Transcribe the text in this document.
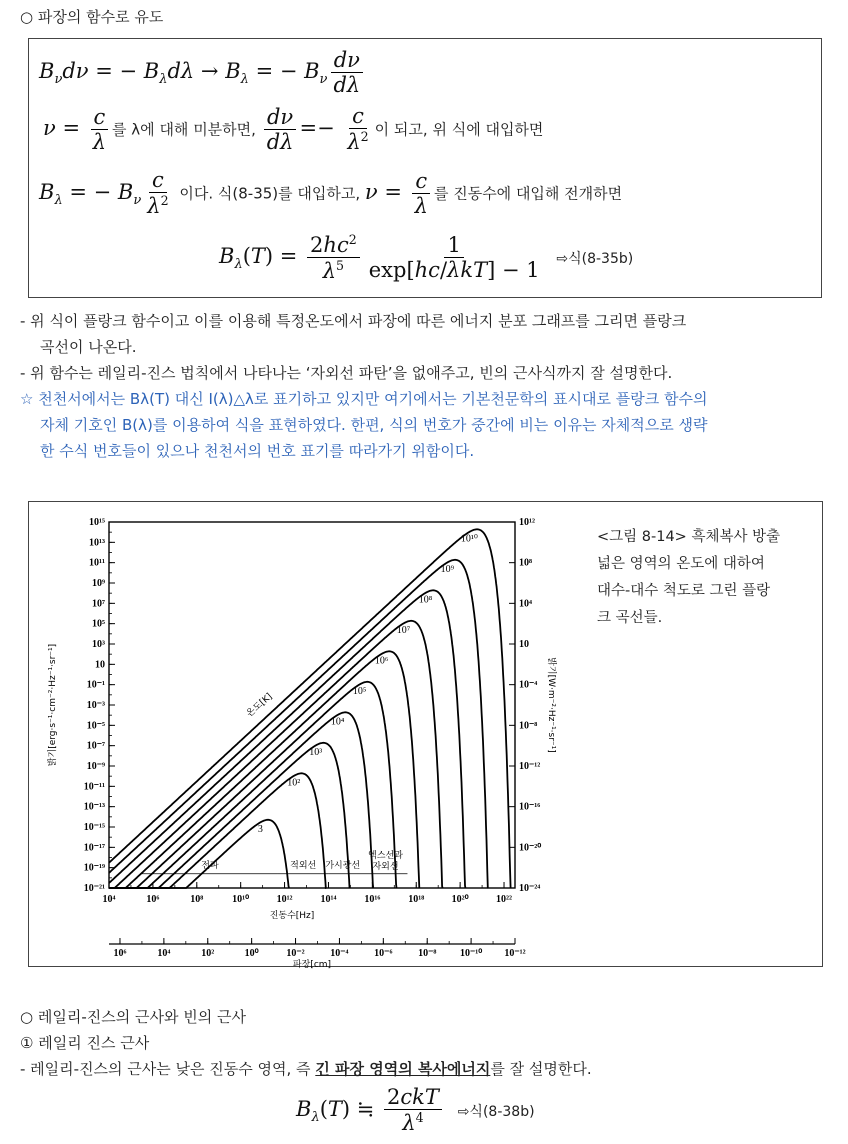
○ 파장의 함수로 유도
$B_\nu d\nu$ = − $B_\lambda d\lambda \to B_\lambda$ = − $B_\nu \frac{d\nu}{d\lambda}$
$\nu = \frac{c}{\lambda}$ 를 λ에 대해 미분하면, $\frac{d\nu}{d\lambda} =- \frac{c}{\lambda^2}$ 이 되고, 위 식에 대입하면
$B_\lambda$ = − $B_\nu \frac{c}{\lambda^2}$ 이다. 식(8-35)를 대입하고, $\nu = \frac{c}{\lambda}$ 를 진동수에 대입해 전개하면
$B_\lambda(T) = \frac{2hc^2}{\lambda^5} \frac{1}{\text{exp[hc/λkT] − 1}}$ ⇨식(8-35b)
- 위 식이 플랑크 함수이고 이를 이용해 특정온도에서 파장에 따른 에너지 분포 그래프를 그리면 플랑크
곡선이 나온다.
- 위 함수는 레일리-진스 법칙에서 나타나는 ‘자외선 파탄’을 없애주고, 빈의 근사식까지 잘 설명한다.
☆ 천천서에서는 Bλ(T) 대신 I(λ)△λ로 표기하고 있지만 여기에서는 기본천문학의 표시대로 플랑크 함수의
자체 기호인 B(λ)를 이용하여 식을 표현하였다. 한편, 식의 번호가 중간에 비는 이유는 자체적으로 생략
한 수식 번호들이 있으나 천천서의 번호 표기를 따라가기 위함이다.
10¹⁵
10¹³
10¹¹
10⁹
10⁷
10⁵
10³
10
10⁻¹
10⁻³
10⁻⁵
10⁻⁷
10⁻⁹
10⁻¹¹
10⁻¹³
10⁻¹⁵
10⁻¹⁷
10⁻¹⁹
10⁻²¹
10¹²
10⁸
10⁴
10
10⁻⁴
10⁻⁸
10⁻¹²
10⁻¹⁶
10⁻²⁰
10⁻²⁴
10⁴	10⁶	10⁸	10¹⁰	10¹²	10¹⁴	10¹⁶	10¹⁸	10²⁰	10²²
진동수[Hz]
밝기[erg·s⁻¹·cm⁻²·Hz⁻¹·sr⁻¹]	밝기[W·m⁻²·Hz⁻¹·sr⁻¹]
10⁶	10⁴	10²	10⁰	10⁻²	10⁻⁴	10⁻⁶	10⁻⁸ 10⁻¹⁰ 10⁻¹²
파장[cm]
3
10²
10³
10⁴
10⁵
10⁶
10⁷
10⁸
10⁹
10¹⁰
온도[K]
전파	적외선 가시광선
엑스선과
자외선
<그림 8-14> 흑체복사 방출
넓은 영역의 온도에 대하여
대수-대수 척도로 그린 플랑
크 곡선들.
○ 레일리-진스의 근사와 빈의 근사
① 레일리 진스 근사
- 레일리-진스의 근사는 낮은 진동수 영역, 즉 긴 파장 영역의 복사에너지를 잘 설명한다.
$B_\lambda(T)$ ≒ $\frac{\text{2ckT}}{\lambda^4}$ ⇨식(8-38b)
